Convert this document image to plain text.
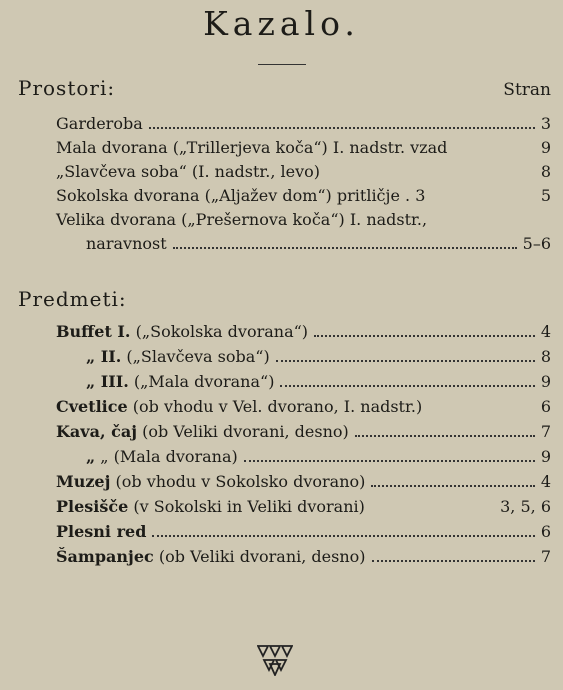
Kazalo.
Prostori:	Stran
Garderoba	3
Mala dvorana („Trillerjeva koča“) I. nadstr. vzad	9
„Slavčeva soba“ (I. nadstr., levo)	8
Sokolska dvorana („Aljažev dom“) pritličje . 3	5
Velika dvorana („Prešernova koča“) I. nadstr.,
naravnost	5–6
Predmeti:
Buffet I. („Sokolska dvorana“)	4
„ II. („Slavčeva soba“)	8
„ III. („Mala dvorana“)	9
Cvetlice (ob vhodu v Vel. dvorano, I. nadstr.)	6
Kava, čaj (ob Veliki dvorani, desno)	7
„ „ (Mala dvorana)	9
Muzej (ob vhodu v Sokolsko dvorano)	4
Plesišče (v Sokolski in Veliki dvorani)	3, 5, 6
Plesni red	6
Šampanjec (ob Veliki dvorani, desno)	7
